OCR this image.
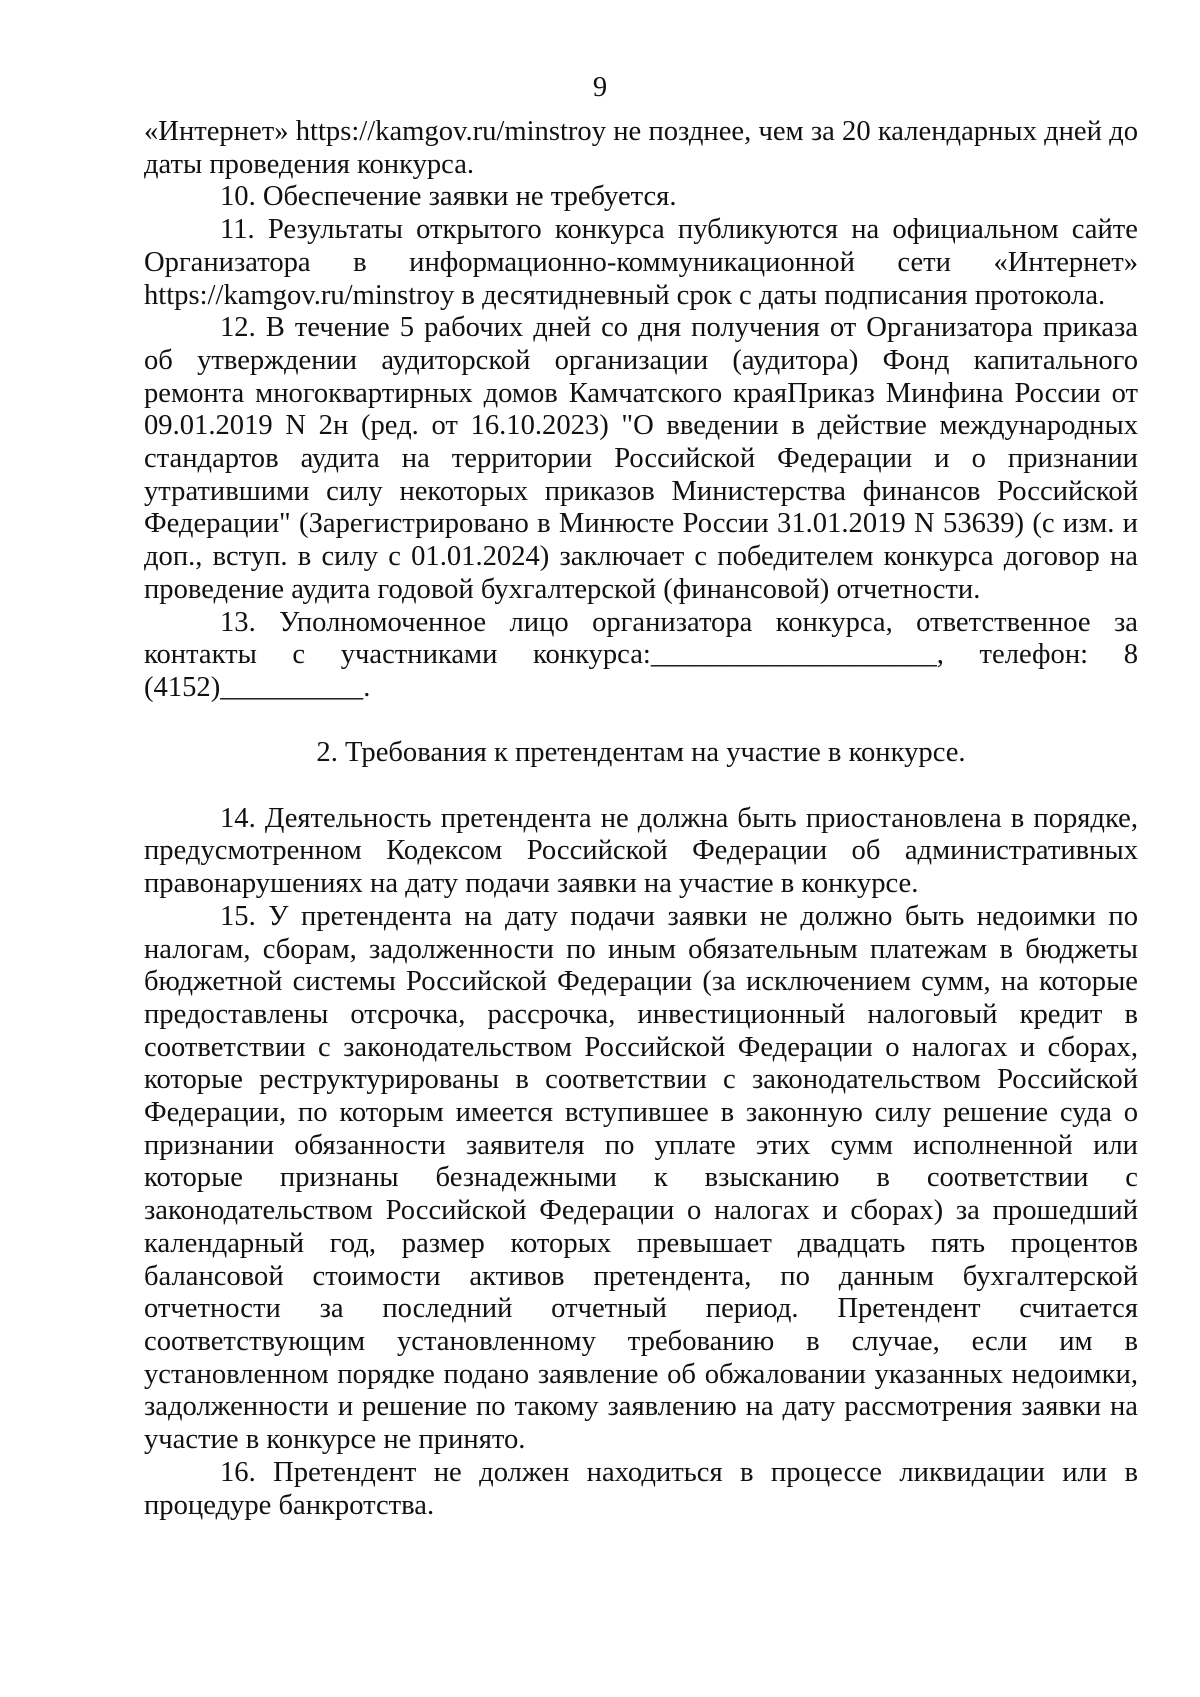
9

«Интернет» https://kamgov.ru/minstroy не позднее, чем за 20 календарных дней до даты проведения конкурса.

10. Обеспечение заявки не требуется.

11. Результаты открытого конкурса публикуются на официальном сайте Организатора в информационно-коммуникационной сети «Интернет» https://kamgov.ru/minstroy в десятидневный срок с даты подписания протокола.

12. В течение 5 рабочих дней со дня получения от Организатора приказа об утверждении аудиторской организации (аудитора) Фонд капитального ремонта многоквартирных домов Камчатского краяПриказ Минфина России от 09.01.2019 N 2н (ред. от 16.10.2023) "О введении в действие международных стандартов аудита на территории Российской Федерации и о признании утратившими силу некоторых приказов Министерства финансов Российской Федерации" (Зарегистрировано в Минюсте России 31.01.2019 N 53639) (с изм. и доп., вступ. в силу с 01.01.2024) заключает с победителем конкурса договор на проведение аудита годовой бухгалтерской (финансовой) отчетности.

13. Уполномоченное лицо организатора конкурса, ответственное за контакты с участниками конкурса:____________________, телефон: 8 (4152)__________.

2. Требования к претендентам на участие в конкурсе.

14. Деятельность претендента не должна быть приостановлена в порядке, предусмотренном Кодексом Российской Федерации об административных правонарушениях на дату подачи заявки на участие в конкурсе.

15. У претендента на дату подачи заявки не должно быть недоимки по налогам, сборам, задолженности по иным обязательным платежам в бюджеты бюджетной системы Российской Федерации (за исключением сумм, на которые предоставлены отсрочка, рассрочка, инвестиционный налоговый кредит в соответствии с законодательством Российской Федерации о налогах и сборах, которые реструктурированы в соответствии с законодательством Российской Федерации, по которым имеется вступившее в законную силу решение суда о признании обязанности заявителя по уплате этих сумм исполненной или которые признаны безнадежными к взысканию в соответствии с законодательством Российской Федерации о налогах и сборах) за прошедший календарный год, размер которых превышает двадцать пять процентов балансовой стоимости активов претендента, по данным бухгалтерской отчетности за последний отчетный период. Претендент считается соответствующим установленному требованию в случае, если им в установленном порядке подано заявление об обжаловании указанных недоимки, задолженности и решение по такому заявлению на дату рассмотрения заявки на участие в конкурсе не принято.

16. Претендент не должен находиться в процессе ликвидации или в процедуре банкротства.
